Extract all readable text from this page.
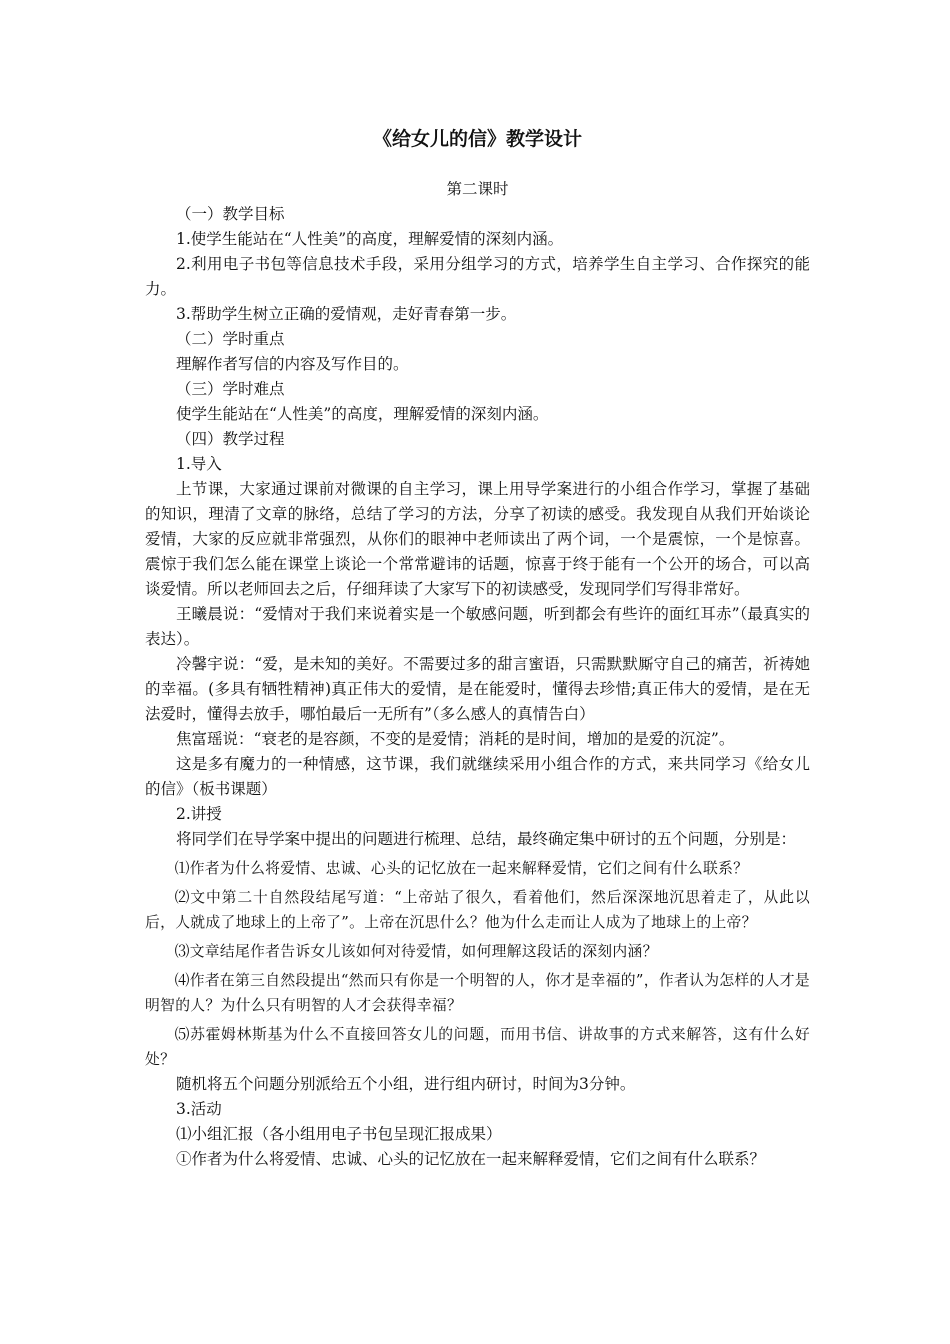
《给女儿的信》教学设计
第二课时

（一）教学目标

1.使学生能站在“人性美”的高度，理解爱情的深刻内涵。

2.利用电子书包等信息技术手段，采用分组学习的方式，培养学生自主学习、合作探究的能力。

3.帮助学生树立正确的爱情观，走好青春第一步。

（二）学时重点

理解作者写信的内容及写作目的。

（三）学时难点

使学生能站在“人性美”的高度，理解爱情的深刻内涵。

（四）教学过程

1.导入

上节课，大家通过课前对微课的自主学习，课上用导学案进行的小组合作学习，掌握了基础的知识，理清了文章的脉络，总结了学习的方法，分享了初读的感受。我发现自从我们开始谈论爱情，大家的反应就非常强烈，从你们的眼神中老师读出了两个词，一个是震惊，一个是惊喜。震惊于我们怎么能在课堂上谈论一个常常避讳的话题，惊喜于终于能有一个公开的场合，可以高谈爱情。所以老师回去之后，仔细拜读了大家写下的初读感受，发现同学们写得非常好。

王曦晨说：“爱情对于我们来说着实是一个敏感问题，听到都会有些许的面红耳赤”（最真实的表达）。

冷馨宇说：“爱，是未知的美好。不需要过多的甜言蜜语，只需默默厮守自己的痛苦，祈祷她的幸福。(多具有牺牲精神)真正伟大的爱情，是在能爱时，懂得去珍惜;真正伟大的爱情，是在无法爱时，懂得去放手，哪怕最后一无所有”（多么感人的真情告白）

焦富瑶说：“衰老的是容颜，不变的是爱情；消耗的是时间，增加的是爱的沉淀”。

这是多有魔力的一种情感，这节课，我们就继续采用小组合作的方式，来共同学习《给女儿的信》（板书课题）

2.讲授

将同学们在导学案中提出的问题进行梳理、总结，最终确定集中研讨的五个问题，分别是：

⑴作者为什么将爱情、忠诚、心头的记忆放在一起来解释爱情，它们之间有什么联系？

⑵文中第二十自然段结尾写道：“上帝站了很久，看着他们，然后深深地沉思着走了，从此以后，人就成了地球上的上帝了”。上帝在沉思什么？他为什么走而让人成为了地球上的上帝？

⑶文章结尾作者告诉女儿该如何对待爱情，如何理解这段话的深刻内涵？

⑷作者在第三自然段提出“然而只有你是一个明智的人，你才是幸福的”，作者认为怎样的人才是明智的人？为什么只有明智的人才会获得幸福？

⑸苏霍姆林斯基为什么不直接回答女儿的问题，而用书信、讲故事的方式来解答，这有什么好处？

随机将五个问题分别派给五个小组，进行组内研讨，时间为3分钟。

3.活动

⑴小组汇报（各小组用电子书包呈现汇报成果）

①作者为什么将爱情、忠诚、心头的记忆放在一起来解释爱情，它们之间有什么联系？
